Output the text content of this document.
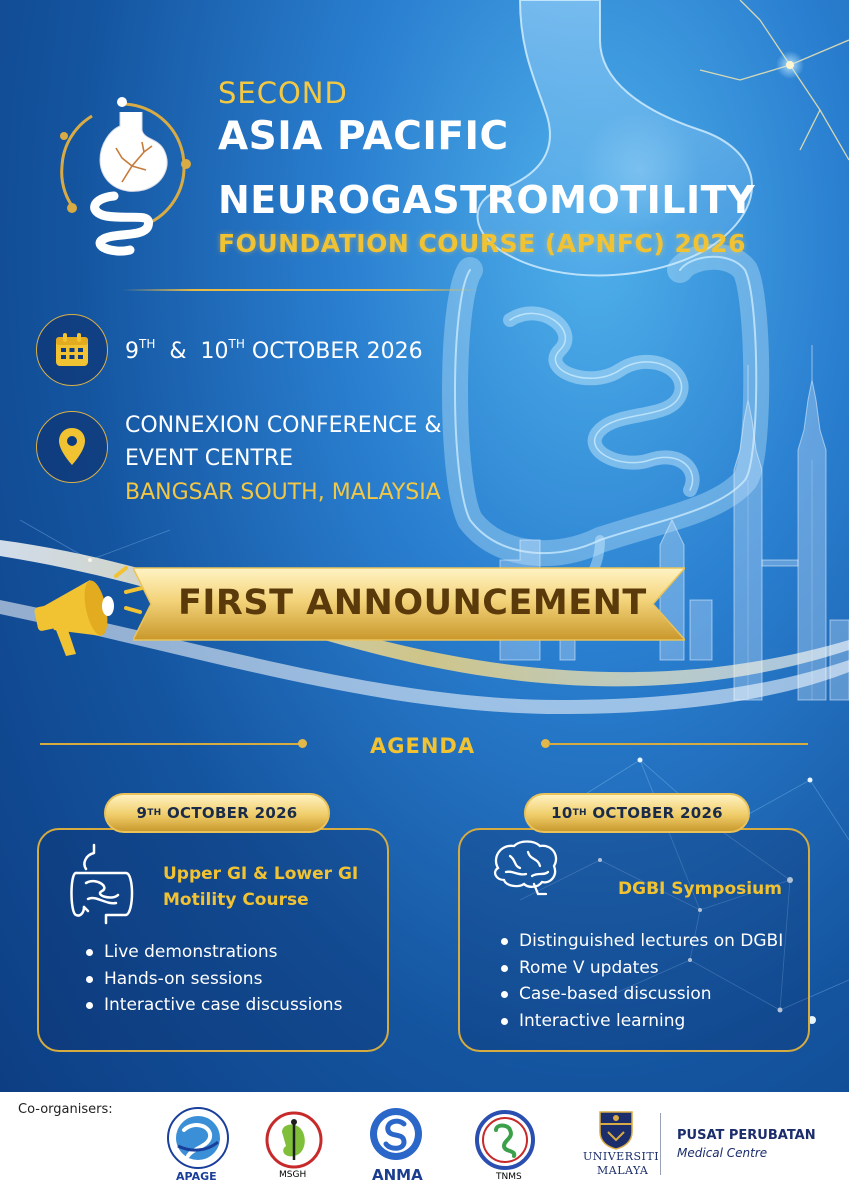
SECOND
ASIA PACIFIC
NEUROGASTROMOTILITY
FOUNDATION COURSE (APNFC) 2026
9TH & 10TH OCTOBER 2026
CONNEXION CONFERENCE &
EVENT CENTRE
BANGSAR SOUTH, MALAYSIA
FIRST ANNOUNCEMENT
AGENDA
9 TH
OCTOBER 2026
Upper GI & Lower GI
Motility Course
Live demonstrations
Hands-on sessions
Interactive case discussions
10 TH
OCTOBER 2026
DGBI Symposium
Distinguished lectures on DGBI
Rome V updates
Case-based discussion
Interactive learning
Co-organisers:
APAGE	MSGH	ANMA	TNMS
UNIVERSITI
MALAYA
PUSAT PERUBATAN
Medical Centre
